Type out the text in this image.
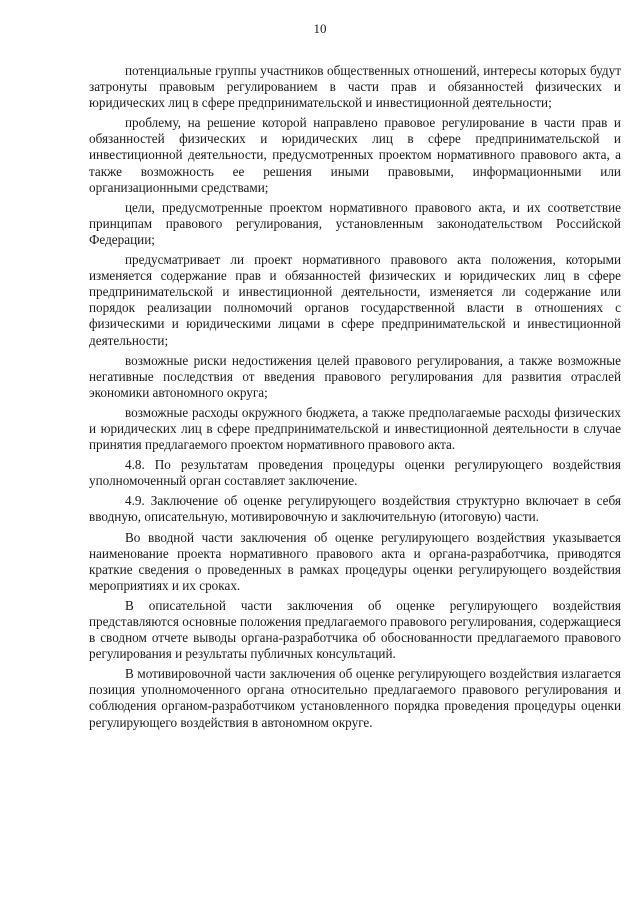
10

потенциальные группы участников общественных отношений, интересы которых будут затронуты правовым регулированием в части прав и обязанностей физических и юридических лиц в сфере предпринимательской и инвестиционной деятельности;

проблему, на решение которой направлено правовое регулирование в части прав и обязанностей физических и юридических лиц в сфере предпринимательской и инвестиционной деятельности, предусмотренных проектом нормативного правового акта, а также возможность ее решения иными правовыми, информационными или организационными средствами;

цели, предусмотренные проектом нормативного правового акта, и их соответствие принципам правового регулирования, установленным законодательством Российской Федерации;

предусматривает ли проект нормативного правового акта положения, которыми изменяется содержание прав и обязанностей физических и юридических лиц в сфере предпринимательской и инвестиционной деятельности, изменяется ли содержание или порядок реализации полномочий органов государственной власти в отношениях с физическими и юридическими лицами в сфере предпринимательской и инвестиционной деятельности;

возможные риски недостижения целей правового регулирования, а также возможные негативные последствия от введения правового регулирования для развития отраслей экономики автономного округа;

возможные расходы окружного бюджета, а также предполагаемые расходы физических и юридических лиц в сфере предпринимательской и инвестиционной деятельности в случае принятия предлагаемого проектом нормативного правового акта.

4.8. По результатам проведения процедуры оценки регулирующего воздействия уполномоченный орган составляет заключение.

4.9. Заключение об оценке регулирующего воздействия структурно включает в себя вводную, описательную, мотивировочную и заключительную (итоговую) части.

Во вводной части заключения об оценке регулирующего воздействия указывается наименование проекта нормативного правового акта и органа-разработчика, приводятся краткие сведения о проведенных в рамках процедуры оценки регулирующего воздействия мероприятиях и их сроках.

В описательной части заключения об оценке регулирующего воздействия представляются основные положения предлагаемого правового регулирования, содержащиеся в сводном отчете выводы органа-разработчика об обоснованности предлагаемого правового регулирования и результаты публичных консультаций.

В мотивировочной части заключения об оценке регулирующего воздействия излагается позиция уполномоченного органа относительно предлагаемого правового регулирования и соблюдения органом-разработчиком установленного порядка проведения процедуры оценки регулирующего воздействия в автономном округе.
